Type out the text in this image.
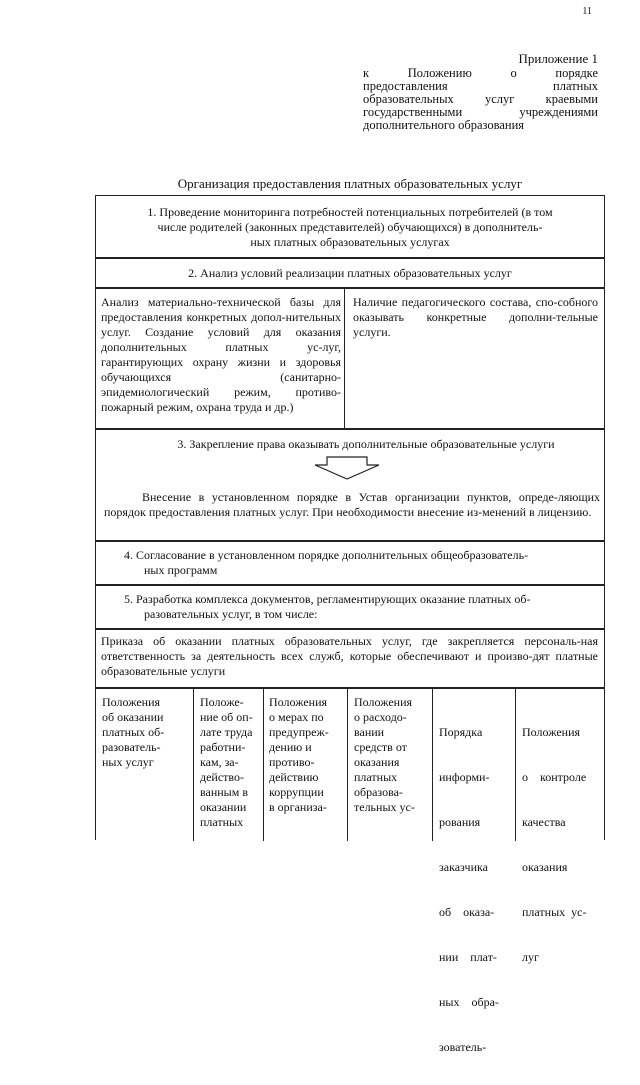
11
Приложение 1
к Положению о порядке
предоставления платных
образовательных услуг краевыми
государственными учреждениями
дополнительного образования
Организация предоставления платных образовательных услуг
1. Проведение мониторинга потребностей потенциальных потребителей (в том
числе родителей (законных представителей) обучающихся) в дополнитель-
ных платных образовательных услугах
2. Анализ условий реализации платных образовательных услуг
Анализ материально-технической базы для предоставления конкретных допол-нительных услуг. Создание условий для оказания дополнительных платных ус-луг, гарантирующих охрану жизни и здоровья обучающихся (санитарно-эпидемиологический режим, противо-пожарный режим, охрана труда и др.)
Наличие педагогического состава, спо-собного оказывать конкретные дополни-тельные услуги.
3. Закрепление права оказывать дополнительные образовательные услуги
Внесение в установленном порядке в Устав организации пунктов, опреде-ляющих порядок предоставления платных услуг. При необходимости внесение из-менений в лицензию.
4. Согласование в установленном порядке дополнительных общеобразователь-
ных программ
5. Разработка комплекса документов, регламентирующих оказание платных об-
разовательных услуг, в том числе:
Приказа об оказании платных образовательных услуг, где закрепляется персональ-ная ответственность за деятельность всех служб, которые обеспечивают и произво-дят платные образовательные услуги
Положения
об оказании
платных об-
разователь-
ных услуг
Положе-
ние об оп-
лате труда
работни-
кам, за-
действо-
ванным в
оказании
платных
Положения
о мерах по
предупреж-
дению и
противо-
действию
коррупции
в организа-
Положения
о расходо-
вании
средств от
оказания
платных
образова-
тельных ус-

Порядка

информи-

рования

заказчика

об    оказа-

нии    плат-

ных    обра-

зователь-

Положения

о    контроле

качества

оказания

платных  ус-

луг
